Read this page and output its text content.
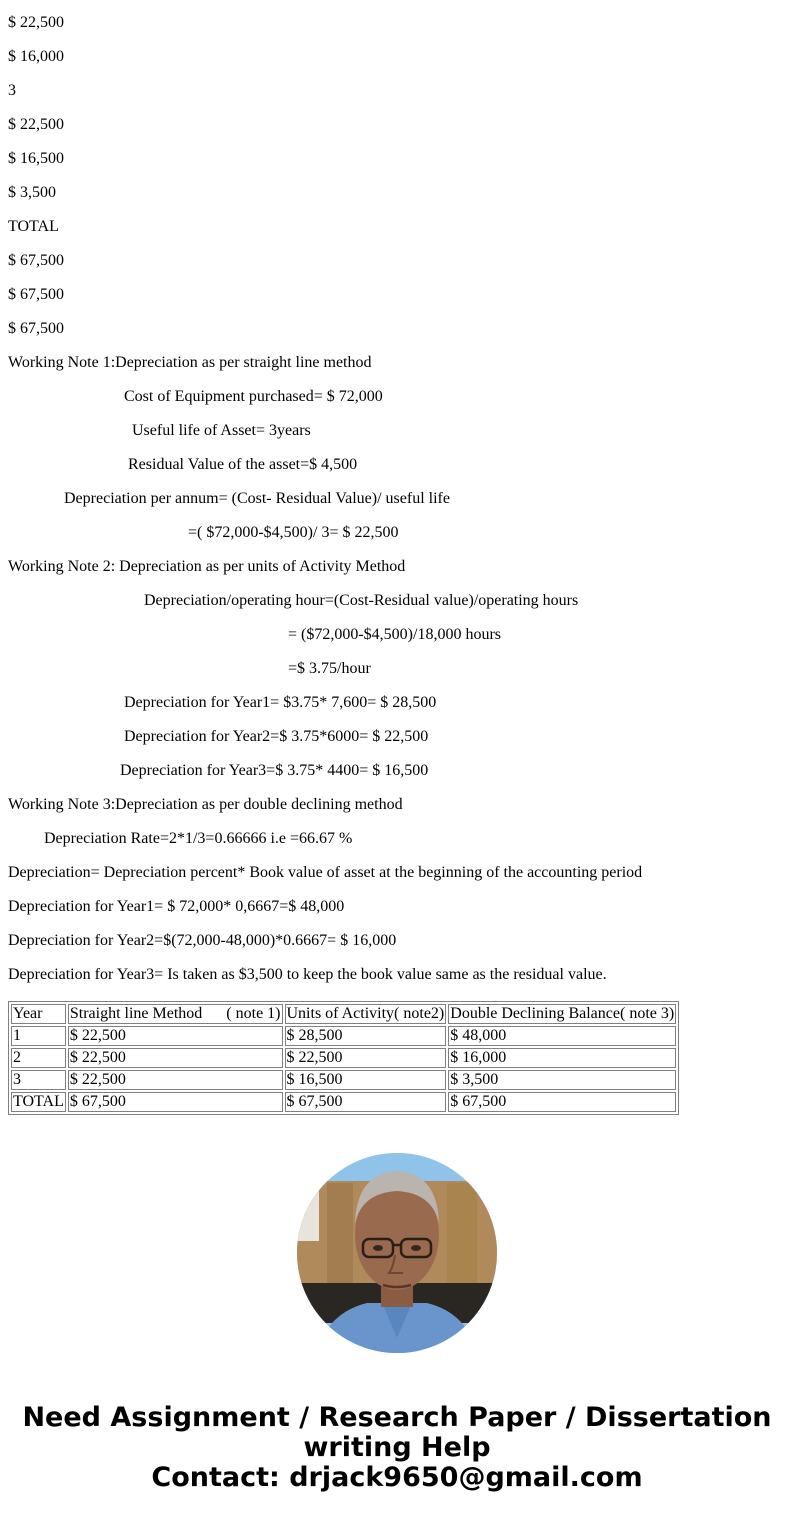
$ 22,500
$ 16,000
3
$ 22,500
$ 16,500
$ 3,500
TOTAL
$ 67,500
$ 67,500
$ 67,500
Working Note 1:Depreciation as per straight line method
Cost of Equipment purchased= $ 72,000
Useful life of Asset= 3years
Residual Value of the asset=$ 4,500
Depreciation per annum= (Cost- Residual Value)/ useful life
=( $72,000-$4,500)/ 3= $ 22,500
Working Note 2: Depreciation as per units of Activity Method
Depreciation/operating hour=(Cost-Residual value)/operating hours
= ($72,000-$4,500)/18,000 hours
=$ 3.75/hour
Depreciation for Year1= $3.75* 7,600= $ 28,500
Depreciation for Year2=$ 3.75*6000= $ 22,500
Depreciation for Year3=$ 3.75* 4400= $ 16,500
Working Note 3:Depreciation as per double declining method
Depreciation Rate=2*1/3=0.66666 i.e =66.67 %
Depreciation= Depreciation percent* Book value of asset at the beginning of the accounting period
Depreciation for Year1= $ 72,000* 0,6667=$ 48,000
Depreciation for Year2=$(72,000-48,000)*0.6667= $ 16,000
Depreciation for Year3= Is taken as $3,500 to keep the book value same as the residual value.
Year	Straight line Method      ( note 1)	Units of Activity( note2)	Double Declining Balance( note 3)
1	$ 22,500	$ 28,500	$ 48,000
2	$ 22,500	$ 22,500	$ 16,000
3	$ 22,500	$ 16,500	$ 3,500
TOTAL	$ 67,500	$ 67,500	$ 67,500
Need Assignment / Research Paper / Dissertation
writing Help
Contact: drjack9650@gmail.com
